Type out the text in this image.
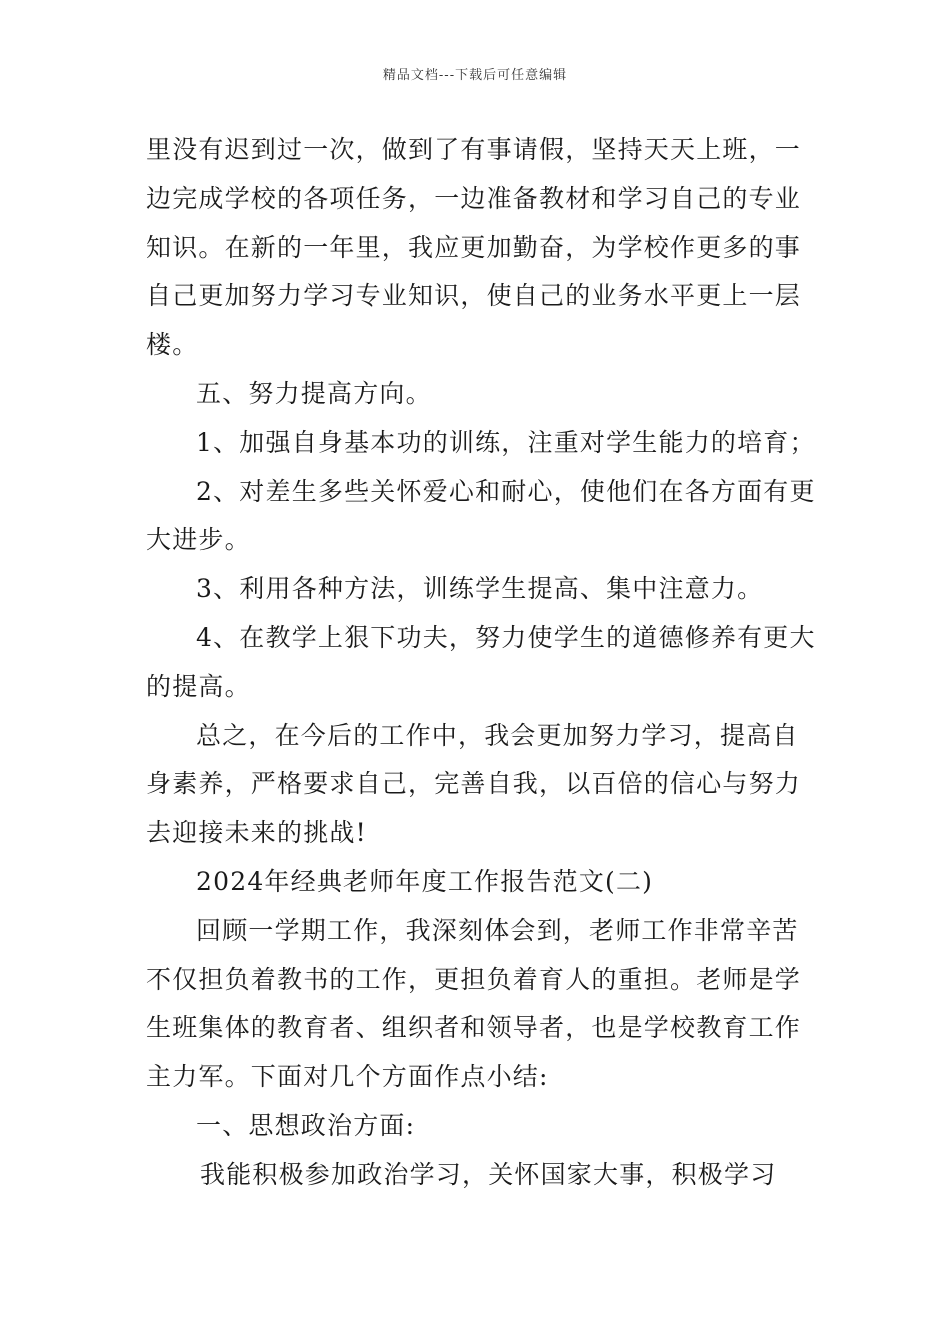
精品文档---下载后可任意编辑
里没有迟到过一次，做到了有事请假，坚持天天上班，一
边完成学校的各项任务，一边准备教材和学习自己的专业
知识。在新的一年里，我应更加勤奋，为学校作更多的事
自己更加努力学习专业知识，使自己的业务水平更上一层
楼。
五、努力提高方向。
1、加强自身基本功的训练，注重对学生能力的培育；
2、对差生多些关怀爱心和耐心，使他们在各方面有更
大进步。
3、利用各种方法，训练学生提高、集中注意力。
4、在教学上狠下功夫，努力使学生的道德修养有更大
的提高。
总之，在今后的工作中，我会更加努力学习，提高自
身素养，严格要求自己，完善自我，以百倍的信心与努力
去迎接未来的挑战!
2024年经典老师年度工作报告范文(二)
回顾一学期工作，我深刻体会到，老师工作非常辛苦
不仅担负着教书的工作，更担负着育人的重担。老师是学
生班集体的教育者、组织者和领导者，也是学校教育工作
主力军。下面对几个方面作点小结:
一、思想政治方面:
我能积极参加政治学习，关怀国家大事，积极学习
